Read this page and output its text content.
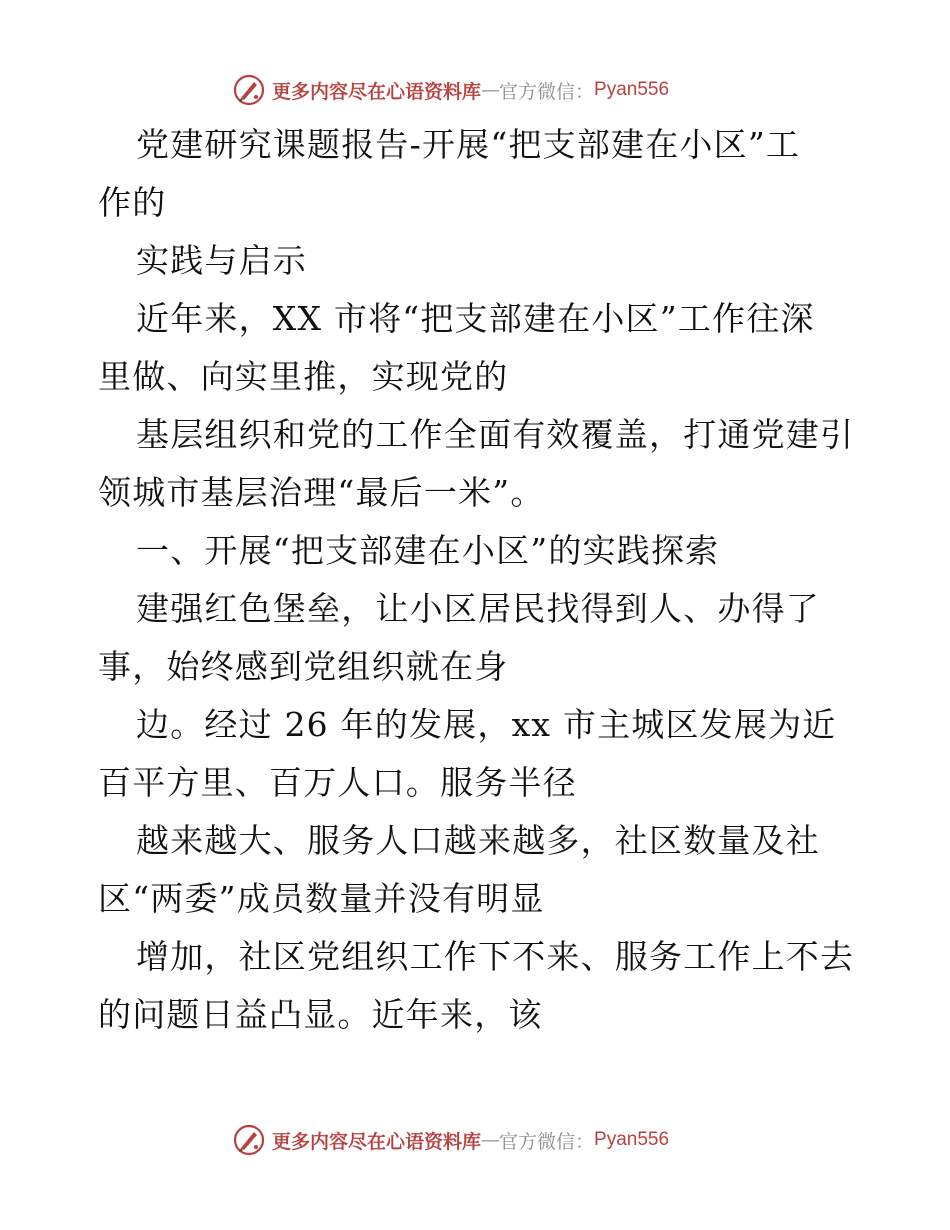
更多内容尽在心语资料库 — 官方微信： Pyan556
党建研究课题报告-开展“把支部建在小区”工
作的
实践与启示
近年来，XX 市将“把支部建在小区”工作往深
里做、向实里推，实现党的
基层组织和党的工作全面有效覆盖，打通党建引
领城市基层治理“最后一米”。
一、开展“把支部建在小区”的实践探索
建强红色堡垒，让小区居民找得到人、办得了
事，始终感到党组织就在身
边。经过 26 年的发展，xx 市主城区发展为近
百平方里、百万人口。服务半径
越来越大、服务人口越来越多，社区数量及社
区“两委”成员数量并没有明显
增加，社区党组织工作下不来、服务工作上不去
的问题日益凸显。近年来，该
更多内容尽在心语资料库 — 官方微信： Pyan556
